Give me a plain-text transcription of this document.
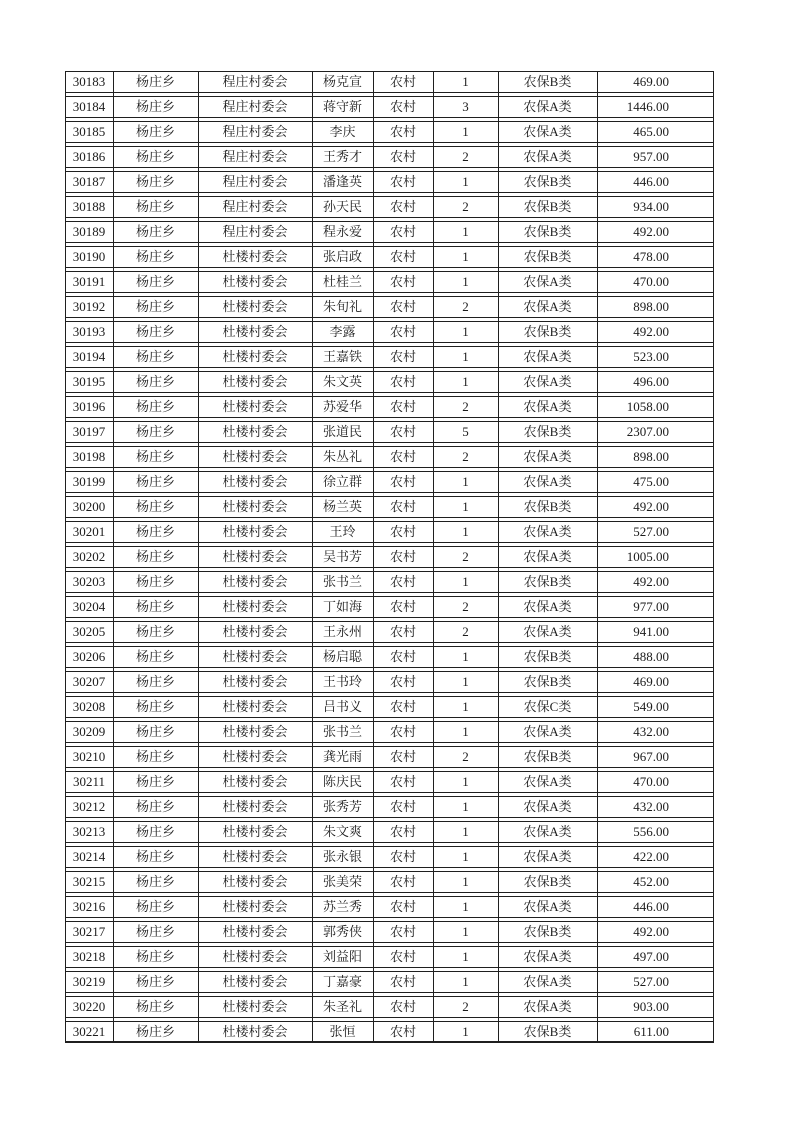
30183	杨庄乡	程庄村委会	杨克宣	农村	1	农保B类	469.00
30184	杨庄乡	程庄村委会	蒋守新	农村	3	农保A类	1446.00
30185	杨庄乡	程庄村委会	李庆	农村	1	农保A类	465.00
30186	杨庄乡	程庄村委会	王秀才	农村	2	农保A类	957.00
30187	杨庄乡	程庄村委会	潘逢英	农村	1	农保B类	446.00
30188	杨庄乡	程庄村委会	孙天民	农村	2	农保B类	934.00
30189	杨庄乡	程庄村委会	程永爱	农村	1	农保B类	492.00
30190	杨庄乡	杜楼村委会	张启政	农村	1	农保B类	478.00
30191	杨庄乡	杜楼村委会	杜桂兰	农村	1	农保A类	470.00
30192	杨庄乡	杜楼村委会	朱旬礼	农村	2	农保A类	898.00
30193	杨庄乡	杜楼村委会	李露	农村	1	农保B类	492.00
30194	杨庄乡	杜楼村委会	王嘉铁	农村	1	农保A类	523.00
30195	杨庄乡	杜楼村委会	朱文英	农村	1	农保A类	496.00
30196	杨庄乡	杜楼村委会	苏爱华	农村	2	农保A类	1058.00
30197	杨庄乡	杜楼村委会	张道民	农村	5	农保B类	2307.00
30198	杨庄乡	杜楼村委会	朱丛礼	农村	2	农保A类	898.00
30199	杨庄乡	杜楼村委会	徐立群	农村	1	农保A类	475.00
30200	杨庄乡	杜楼村委会	杨兰英	农村	1	农保B类	492.00
30201	杨庄乡	杜楼村委会	王玲	农村	1	农保A类	527.00
30202	杨庄乡	杜楼村委会	吴书芳	农村	2	农保A类	1005.00
30203	杨庄乡	杜楼村委会	张书兰	农村	1	农保B类	492.00
30204	杨庄乡	杜楼村委会	丁如海	农村	2	农保A类	977.00
30205	杨庄乡	杜楼村委会	王永州	农村	2	农保A类	941.00
30206	杨庄乡	杜楼村委会	杨启聪	农村	1	农保B类	488.00
30207	杨庄乡	杜楼村委会	王书玲	农村	1	农保B类	469.00
30208	杨庄乡	杜楼村委会	吕书义	农村	1	农保C类	549.00
30209	杨庄乡	杜楼村委会	张书兰	农村	1	农保A类	432.00
30210	杨庄乡	杜楼村委会	龚光雨	农村	2	农保B类	967.00
30211	杨庄乡	杜楼村委会	陈庆民	农村	1	农保A类	470.00
30212	杨庄乡	杜楼村委会	张秀芳	农村	1	农保A类	432.00
30213	杨庄乡	杜楼村委会	朱文爽	农村	1	农保A类	556.00
30214	杨庄乡	杜楼村委会	张永银	农村	1	农保A类	422.00
30215	杨庄乡	杜楼村委会	张美荣	农村	1	农保B类	452.00
30216	杨庄乡	杜楼村委会	苏兰秀	农村	1	农保A类	446.00
30217	杨庄乡	杜楼村委会	郭秀侠	农村	1	农保B类	492.00
30218	杨庄乡	杜楼村委会	刘益阳	农村	1	农保A类	497.00
30219	杨庄乡	杜楼村委会	丁嘉豪	农村	1	农保A类	527.00
30220	杨庄乡	杜楼村委会	朱圣礼	农村	2	农保A类	903.00
30221	杨庄乡	杜楼村委会	张恒	农村	1	农保B类	611.00
